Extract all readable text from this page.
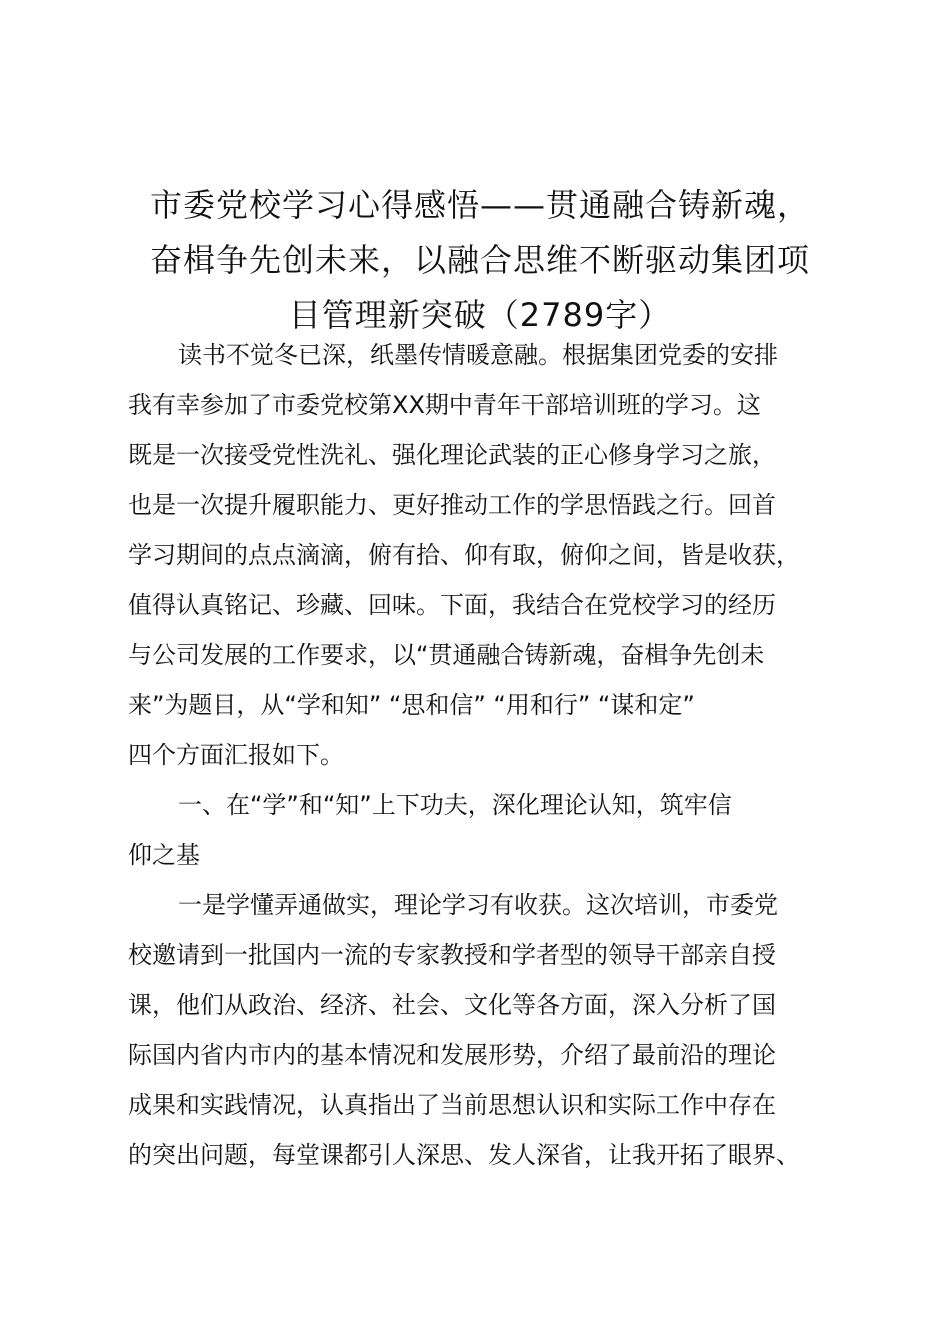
市委党校学习心得感悟——贯通融合铸新魂，
奋楫争先创未来，以融合思维不断驱动集团项
目管理新突破（2789字）
读书不觉冬已深，纸墨传情暖意融。根据集团党委的安排
我有幸参加了市委党校第XX期中青年干部培训班的学习。这
既是一次接受党性洗礼、强化理论武装的正心修身学习之旅，
也是一次提升履职能力、更好推动工作的学思悟践之行。回首
学习期间的点点滴滴，俯有拾、仰有取，俯仰之间，皆是收获，
值得认真铭记、珍藏、回味。下面，我结合在党校学习的经历
与公司发展的工作要求，以“贯通融合铸新魂，奋楫争先创未
来”为题目，从“学和知” “思和信” “用和行” “谋和定”
四个方面汇报如下。
一、在“学”和“知”上下功夫，深化理论认知，筑牢信
仰之基
一是学懂弄通做实，理论学习有收获。这次培训，市委党
校邀请到一批国内一流的专家教授和学者型的领导干部亲自授
课，他们从政治、经济、社会、文化等各方面，深入分析了国
际国内省内市内的基本情况和发展形势，介绍了最前沿的理论
成果和实践情况，认真指出了当前思想认识和实际工作中存在
的突出问题，每堂课都引人深思、发人深省，让我开拓了眼界、
